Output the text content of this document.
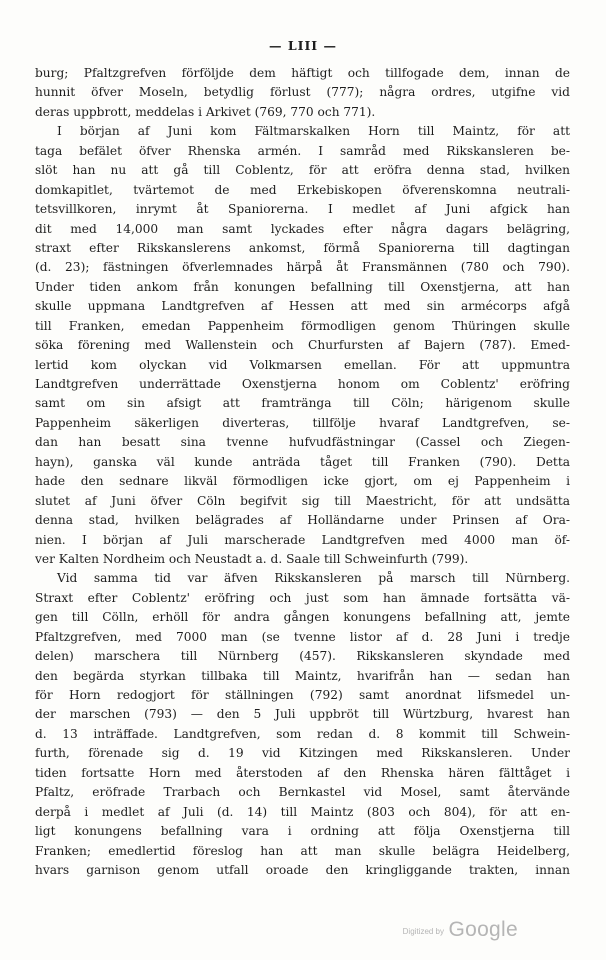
— LIII —
burg; Pfaltzgrefven förföljde dem häftigt och tillfogade dem, innan de
hunnit öfver Moseln, betydlig förlust (777); några ordres, utgifne vid
deras uppbrott, meddelas i Arkivet (769, 770 och 771).
I början af Juni kom Fältmarskalken Horn till Maintz, för att
taga befälet öfver Rhenska armén. I samråd med Rikskansleren be-
slöt han nu att gå till Coblentz, för att eröfra denna stad, hvilken
domkapitlet, tvärtemot de med Erkebiskopen öfverenskomna neutrali-
tetsvillkoren, inrymt åt Spaniorerna. I medlet af Juni afgick han
dit med 14,000 man samt lyckades efter några dagars belägring,
straxt efter Rikskanslerens ankomst, förmå Spaniorerna till dagtingan
(d. 23); fästningen öfverlemnades härpå åt Fransmännen (780 och 790).
Under tiden ankom från konungen befallning till Oxenstjerna, att han
skulle uppmana Landtgrefven af Hessen att med sin armécorps afgå
till Franken, emedan Pappenheim förmodligen genom Thüringen skulle
söka förening med Wallenstein och Churfursten af Bajern (787). Emed-
lertid kom olyckan vid Volkmarsen emellan. För att uppmuntra
Landtgrefven underrättade Oxenstjerna honom om Coblentz' eröfring
samt om sin afsigt att framtränga till Cöln; härigenom skulle
Pappenheim säkerligen diverteras, tillfölje hvaraf Landtgrefven, se-
dan han besatt sina tvenne hufvudfästningar (Cassel och Ziegen-
hayn), ganska väl kunde anträda tåget till Franken (790). Detta
hade den sednare likväl förmodligen icke gjort, om ej Pappenheim i
slutet af Juni öfver Cöln begifvit sig till Maestricht, för att undsätta
denna stad, hvilken belägrades af Holländarne under Prinsen af Ora-
nien. I början af Juli marscherade Landtgrefven med 4000 man öf-
ver Kalten Nordheim och Neustadt a. d. Saale till Schweinfurth (799).
Vid samma tid var äfven Rikskansleren på marsch till Nürnberg.
Straxt efter Coblentz' eröfring och just som han ämnade fortsätta vä-
gen till Cölln, erhöll för andra gången konungens befallning att, jemte
Pfaltzgrefven, med 7000 man (se tvenne listor af d. 28 Juni i tredje
delen) marschera till Nürnberg (457). Rikskansleren skyndade med
den begärda styrkan tillbaka till Maintz, hvarifrån han — sedan han
för Horn redogjort för ställningen (792) samt anordnat lifsmedel un-
der marschen (793) — den 5 Juli uppbröt till Würtzburg, hvarest han
d. 13 inträffade. Landtgrefven, som redan d. 8 kommit till Schwein-
furth, förenade sig d. 19 vid Kitzingen med Rikskansleren. Under
tiden fortsatte Horn med återstoden af den Rhenska hären fälttåget i
Pfaltz, eröfrade Trarbach och Bernkastel vid Mosel, samt återvände
derpå i medlet af Juli (d. 14) till Maintz (803 och 804), för att en-
ligt konungens befallning vara i ordning att följa Oxenstjerna till
Franken; emedlertid föreslog han att man skulle belägra Heidelberg,
hvars garnison genom utfall oroade den kringliggande trakten, innan
Digitized by Google
